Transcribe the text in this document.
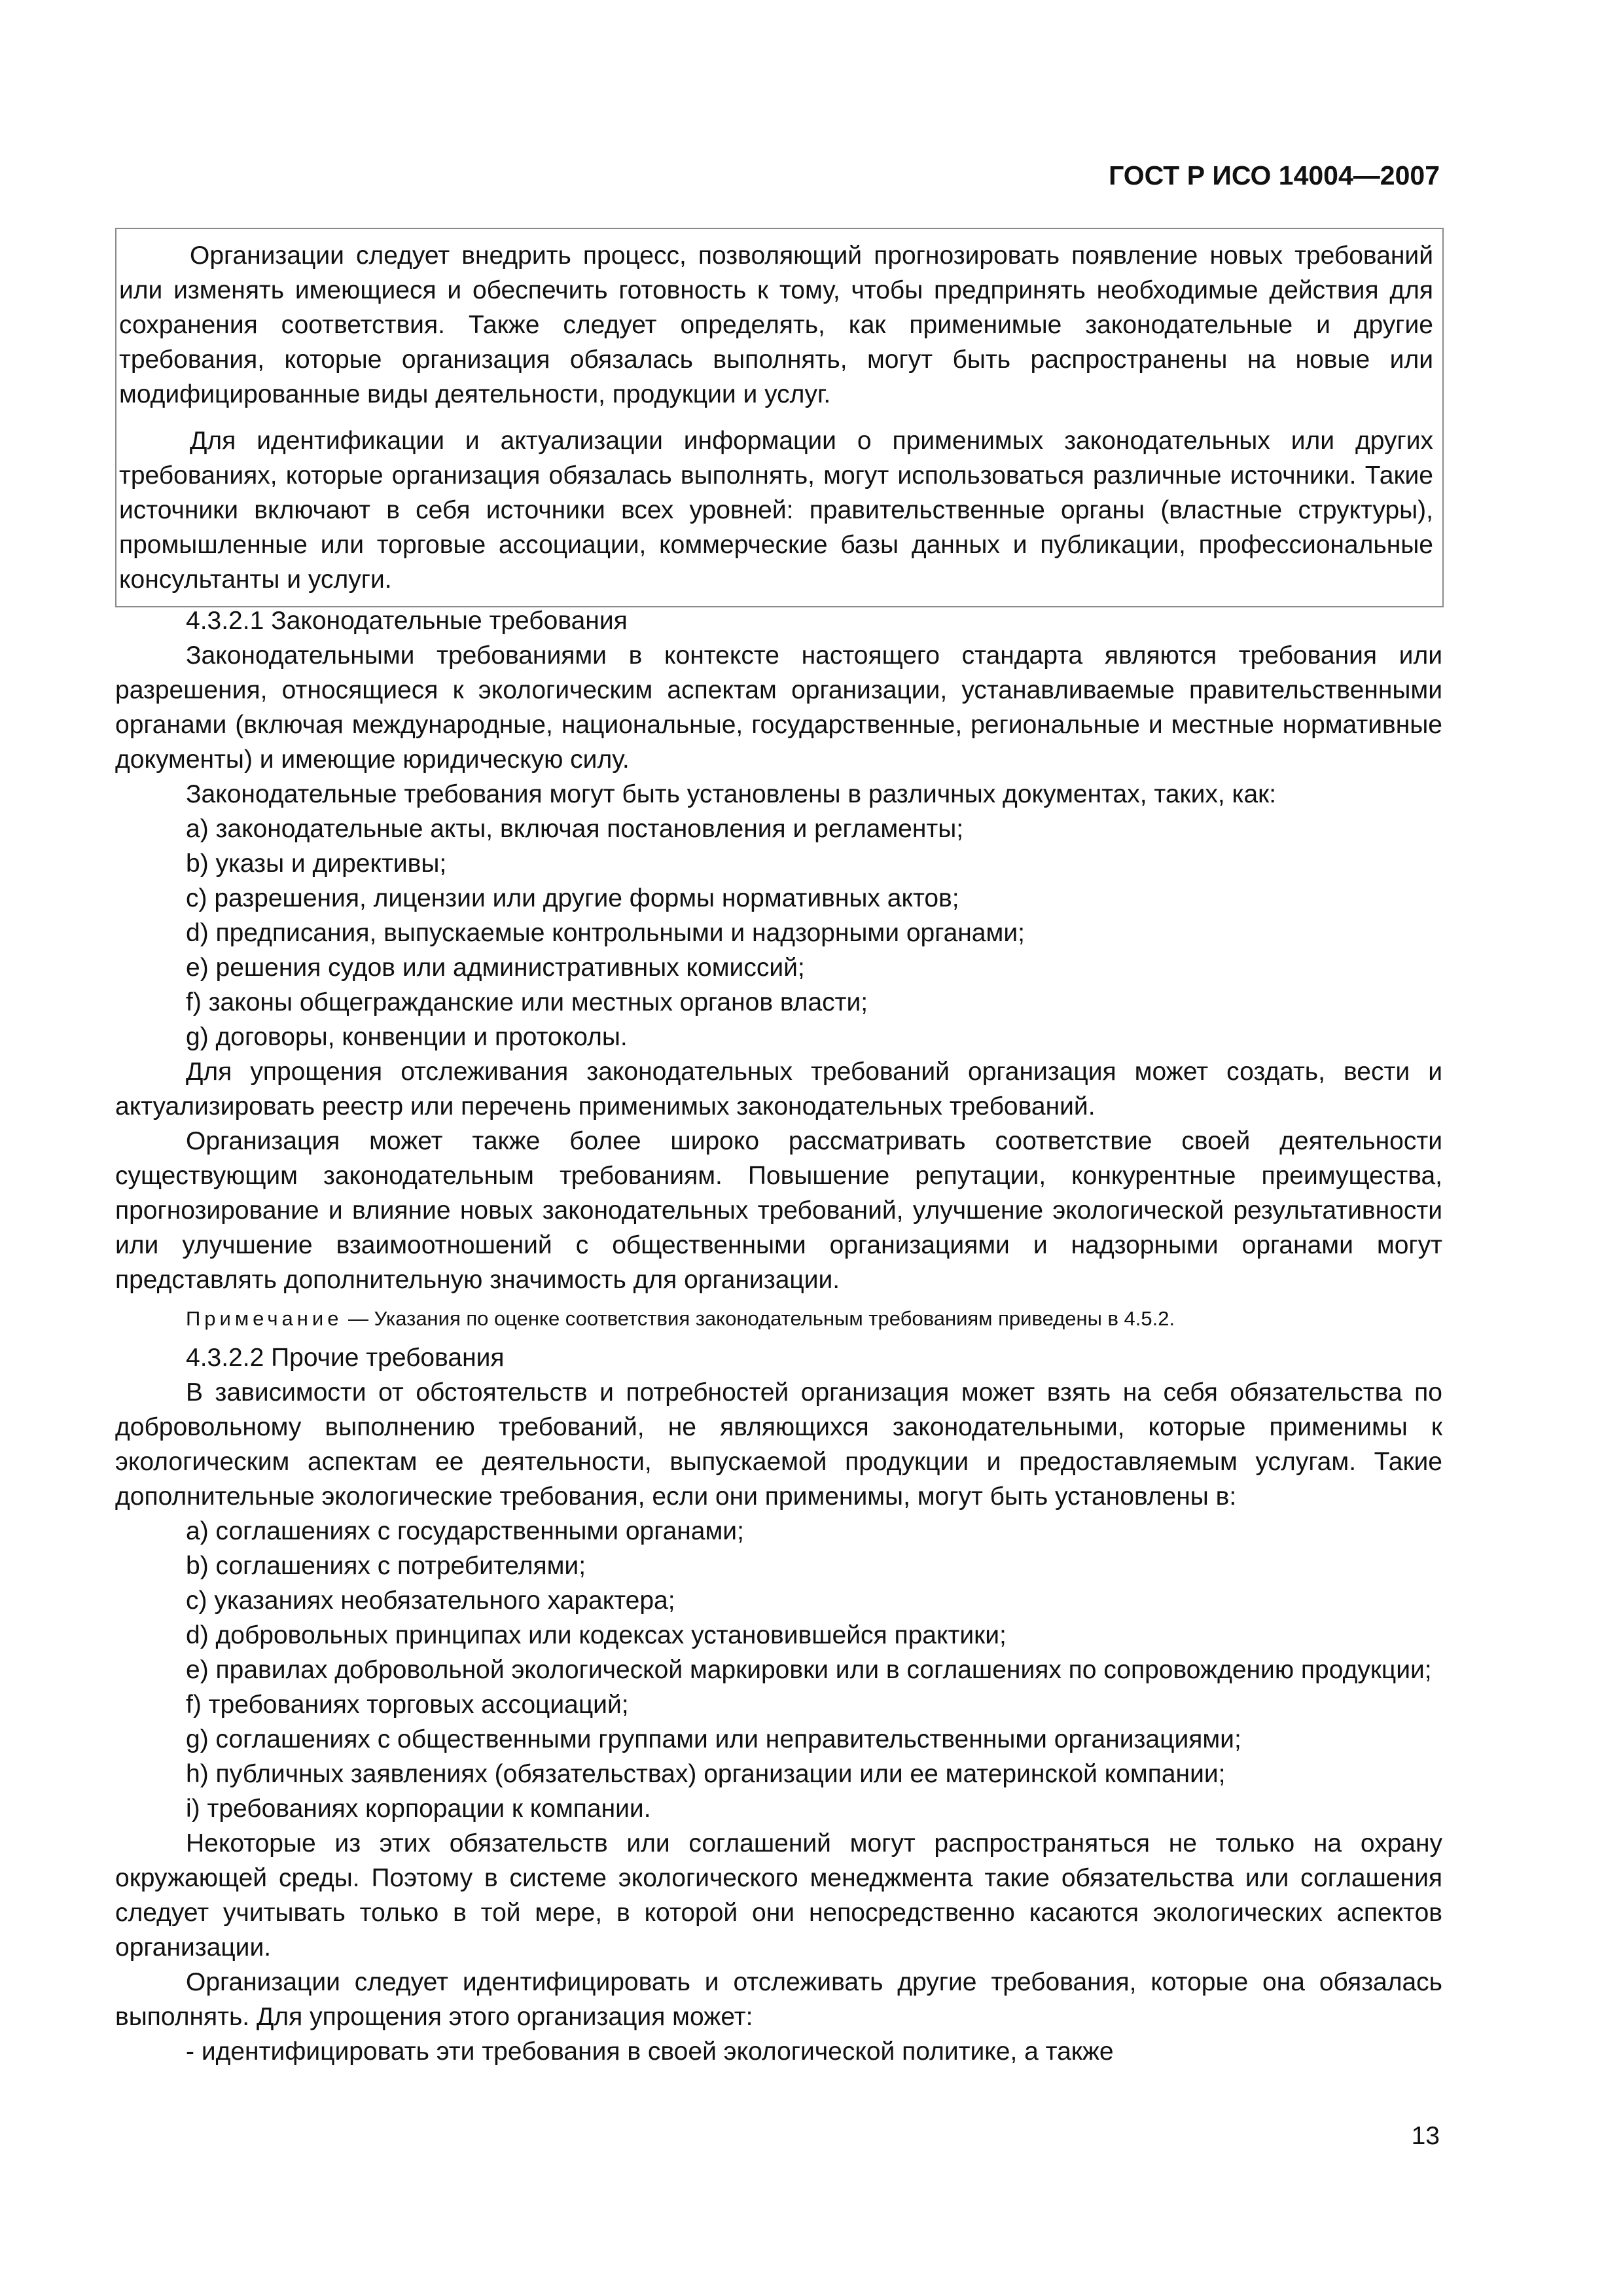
ГОСТ Р ИСО 14004—2007

Организации следует внедрить процесс, позволяющий прогнозировать появление новых требований или изменять имеющиеся и обеспечить готовность к тому, чтобы предпринять необходимые действия для сохранения соответствия. Также следует определять, как применимые законодательные и другие требования, которые организация обязалась выполнять, могут быть распространены на новые или модифицированные виды деятельности, продукции и услуг.

Для идентификации и актуализации информации о применимых законодательных или других требованиях, которые организация обязалась выполнять, могут использоваться различные источники. Такие источники включают в себя источники всех уровней: правительственные органы (властные структуры), промышленные или торговые ассоциации, коммерческие базы данных и публикации, профессиональные консультанты и услуги.

4.3.2.1 Законодательные требования

Законодательными требованиями в контексте настоящего стандарта являются требования или разрешения, относящиеся к экологическим аспектам организации, устанавливаемые правительственными органами (включая международные, национальные, государственные, региональные и местные нормативные документы) и имеющие юридическую силу.

Законодательные требования могут быть установлены в различных документах, таких, как:

a) законодательные акты, включая постановления и регламенты;

b) указы и директивы;

c) разрешения, лицензии или другие формы нормативных актов;

d) предписания, выпускаемые контрольными и надзорными органами;

e) решения судов или административных комиссий;

f) законы общегражданские или местных органов власти;

g) договоры, конвенции и протоколы.

Для упрощения отслеживания законодательных требований организация может создать, вести и актуализировать реестр или перечень применимых законодательных требований.

Организация может также более широко рассматривать соответствие своей деятельности существующим законодательным требованиям. Повышение репутации, конкурентные преимущества, прогнозирование и влияние новых законодательных требований, улучшение экологической результативности или улучшение взаимоотношений с общественными организациями и надзорными органами могут представлять дополнительную значимость для организации.

Примечание — Указания по оценке соответствия законодательным требованиям приведены в 4.5.2.

4.3.2.2 Прочие требования

В зависимости от обстоятельств и потребностей организация может взять на себя обязательства по добровольному выполнению требований, не являющихся законодательными, которые применимы к экологическим аспектам ее деятельности, выпускаемой продукции и предоставляемым услугам. Такие дополнительные экологические требования, если они применимы, могут быть установлены в:

a) соглашениях с государственными органами;

b) соглашениях с потребителями;

c) указаниях необязательного характера;

d) добровольных принципах или кодексах установившейся практики;

e) правилах добровольной экологической маркировки или в соглашениях по сопровождению продукции;

f) требованиях торговых ассоциаций;

g) соглашениях с общественными группами или неправительственными организациями;

h) публичных заявлениях (обязательствах) организации или ее материнской компании;

i) требованиях корпорации к компании.

Некоторые из этих обязательств или соглашений могут распространяться не только на охрану окружающей среды. Поэтому в системе экологического менеджмента такие обязательства или соглашения следует учитывать только в той мере, в которой они непосредственно касаются экологических аспектов организации.

Организации следует идентифицировать и отслеживать другие требования, которые она обязалась выполнять. Для упрощения этого организация может:

- идентифицировать эти требования в своей экологической политике, а также

13
